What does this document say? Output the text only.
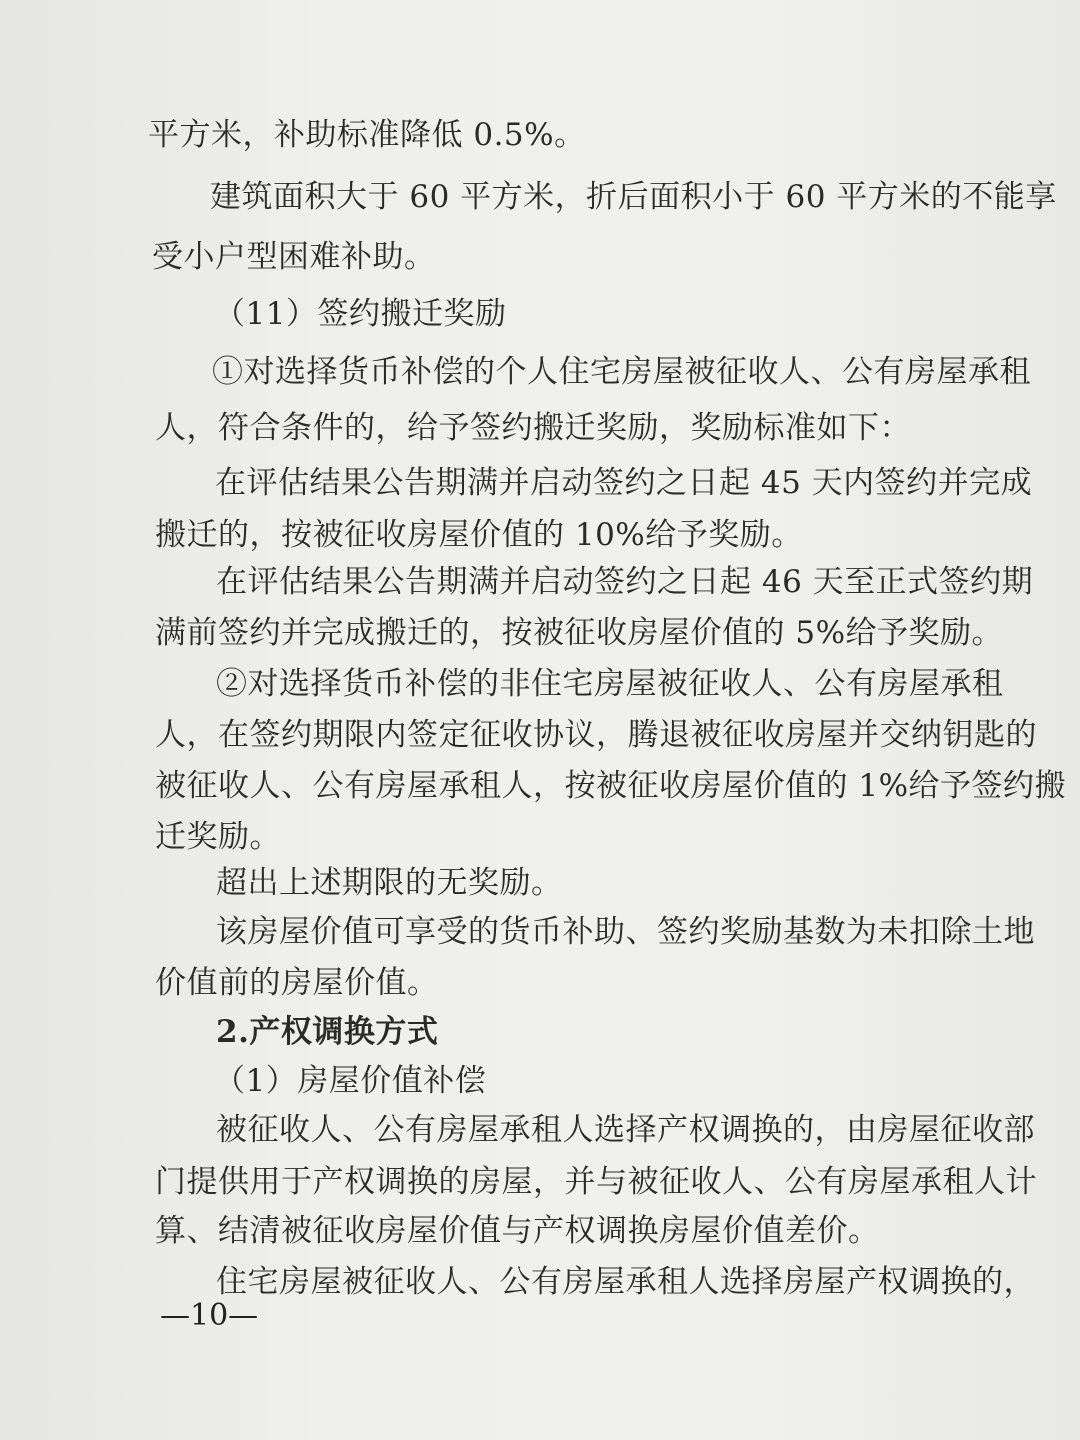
平方米，补助标准降低 0.5%。
建筑面积大于 60 平方米，折后面积小于 60 平方米的不能享
受小户型困难补助。
（11）签约搬迁奖励
①对选择货币补偿的个人住宅房屋被征收人、公有房屋承租
人，符合条件的，给予签约搬迁奖励，奖励标准如下：
在评估结果公告期满并启动签约之日起 45 天内签约并完成
搬迁的，按被征收房屋价值的 10%给予奖励。
在评估结果公告期满并启动签约之日起 46 天至正式签约期
满前签约并完成搬迁的，按被征收房屋价值的 5%给予奖励。
②对选择货币补偿的非住宅房屋被征收人、公有房屋承租
人，在签约期限内签定征收协议，腾退被征收房屋并交纳钥匙的
被征收人、公有房屋承租人，按被征收房屋价值的 1%给予签约搬
迁奖励。
超出上述期限的无奖励。
该房屋价值可享受的货币补助、签约奖励基数为未扣除土地
价值前的房屋价值。
2.产权调换方式
（1）房屋价值补偿
被征收人、公有房屋承租人选择产权调换的，由房屋征收部
门提供用于产权调换的房屋，并与被征收人、公有房屋承租人计
算、结清被征收房屋价值与产权调换房屋价值差价。
住宅房屋被征收人、公有房屋承租人选择房屋产权调换的，
—10—
